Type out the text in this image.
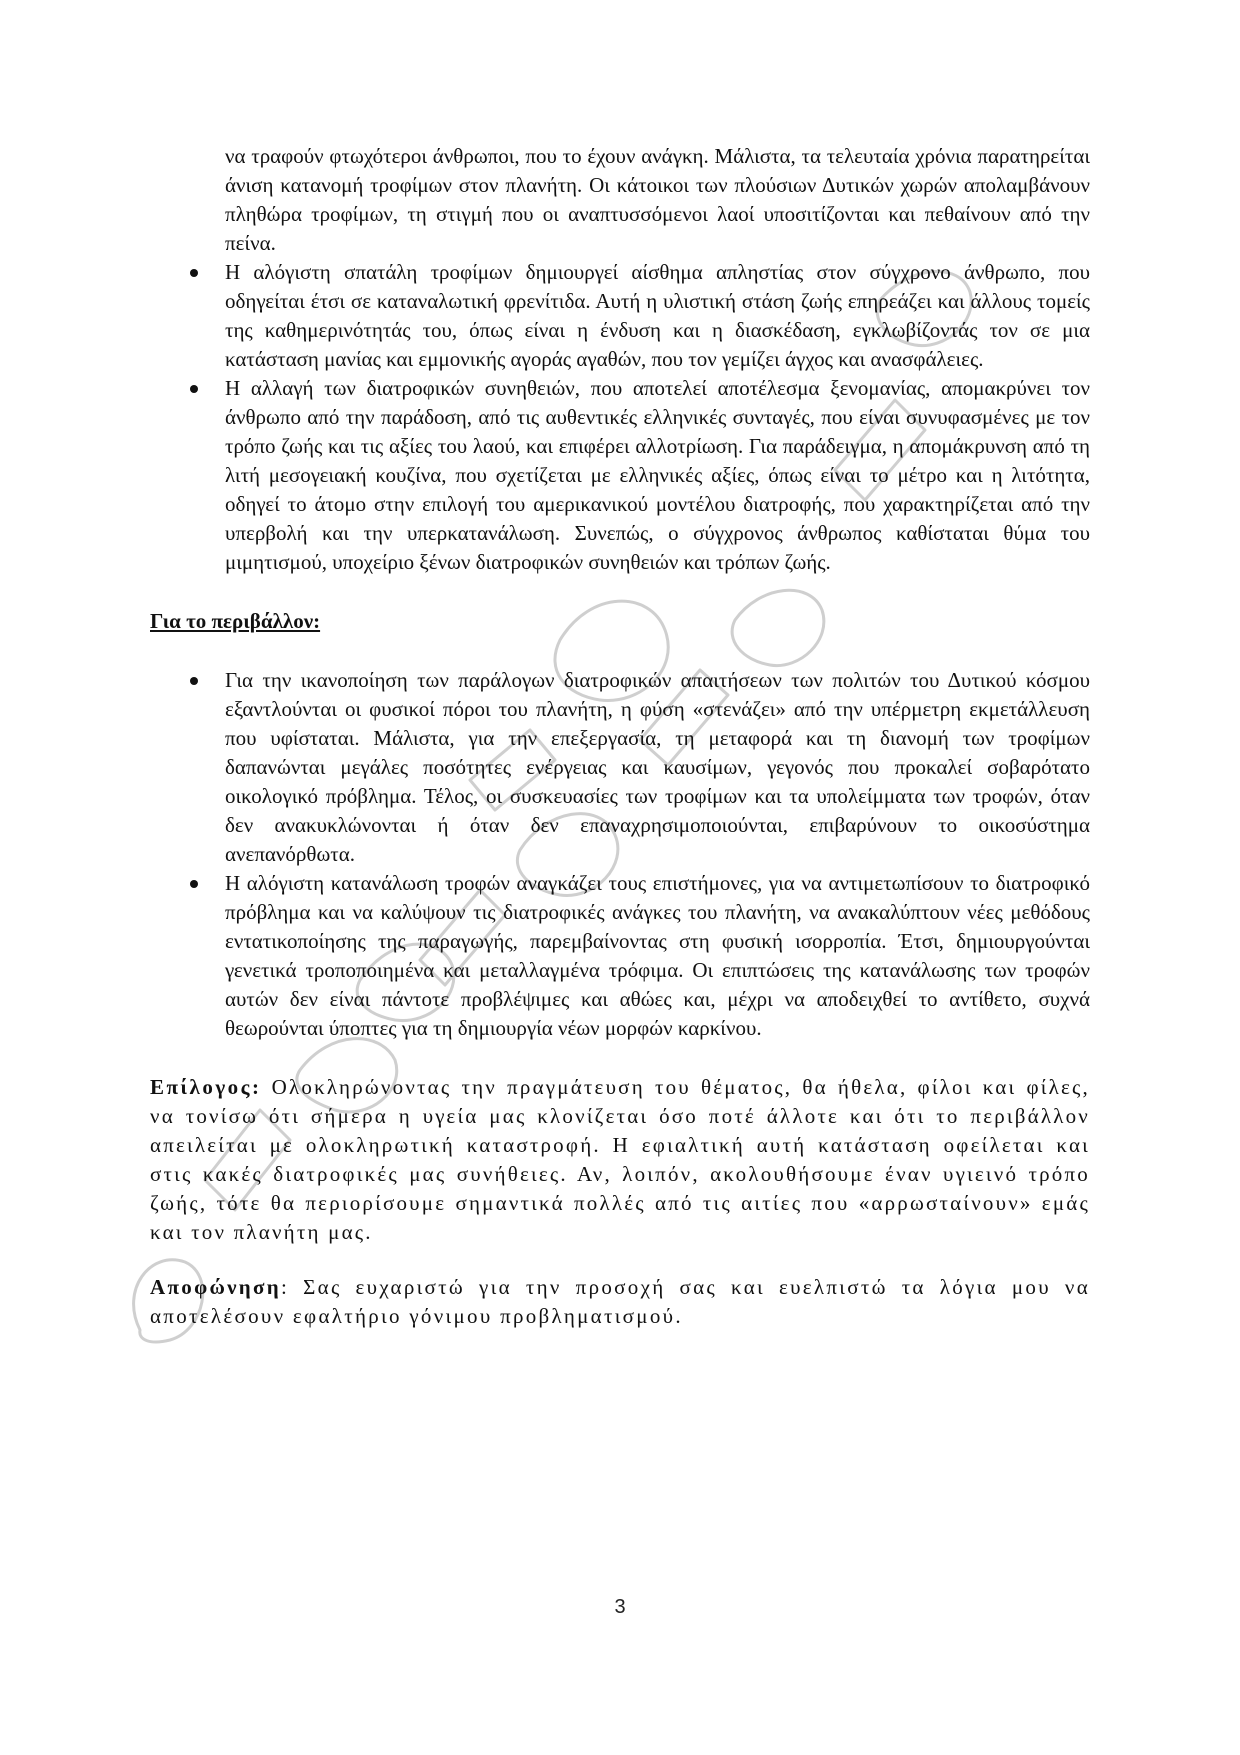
να τραφούν φτωχότεροι άνθρωποι, που το έχουν ανάγκη. Μάλιστα, τα τελευταία χρόνια παρατηρείται άνιση κατανομή τροφίμων στον πλανήτη. Οι κάτοικοι των πλούσιων Δυτικών χωρών απολαμβάνουν πληθώρα τροφίμων, τη στιγμή που οι αναπτυσσόμενοι λαοί υποσιτίζονται και πεθαίνουν από την πείνα.

Η αλόγιστη σπατάλη τροφίμων δημιουργεί αίσθημα απληστίας στον σύγχρονο άνθρωπο, που οδηγείται έτσι σε καταναλωτική φρενίτιδα. Αυτή η υλιστική στάση ζωής επηρεάζει και άλλους τομείς της καθημερινότητάς του, όπως είναι η ένδυση και η διασκέδαση, εγκλωβίζοντάς τον σε μια κατάσταση μανίας και εμμονικής αγοράς αγαθών, που τον γεμίζει άγχος και ανασφάλειες.
Η αλλαγή των διατροφικών συνηθειών, που αποτελεί αποτέλεσμα ξενομανίας, απομακρύνει τον άνθρωπο από την παράδοση, από τις αυθεντικές ελληνικές συνταγές, που είναι συνυφασμένες με τον τρόπο ζωής και τις αξίες του λαού, και επιφέρει αλλοτρίωση. Για παράδειγμα, η απομάκρυνση από τη λιτή μεσογειακή κουζίνα, που σχετίζεται με ελληνικές αξίες, όπως είναι το μέτρο και η λιτότητα, οδηγεί το άτομο στην επιλογή του αμερικανικού μοντέλου διατροφής, που χαρακτηρίζεται από την υπερβολή και την υπερκατανάλωση. Συνεπώς, ο σύγχρονος άνθρωπος καθίσταται θύμα του μιμητισμού, υποχείριο ξένων διατροφικών συνηθειών και τρόπων ζωής.

Για το περιβάλλον:

Για την ικανοποίηση των παράλογων διατροφικών απαιτήσεων των πολιτών του Δυτικού κόσμου εξαντλούνται οι φυσικοί πόροι του πλανήτη, η φύση «στενάζει» από την υπέρμετρη εκμετάλλευση που υφίσταται. Μάλιστα, για την επεξεργασία, τη μεταφορά και τη διανομή των τροφίμων δαπανώνται μεγάλες ποσότητες ενέργειας και καυσίμων, γεγονός που προκαλεί σοβαρότατο οικολογικό πρόβλημα. Τέλος, οι συσκευασίες των τροφίμων και τα υπολείμματα των τροφών, όταν δεν ανακυκλώνονται ή όταν δεν επαναχρησιμοποιούνται, επιβαρύνουν το οικοσύστημα ανεπανόρθωτα.
Η αλόγιστη κατανάλωση τροφών αναγκάζει τους επιστήμονες, για να αντιμετωπίσουν το διατροφικό πρόβλημα και να καλύψουν τις διατροφικές ανάγκες του πλανήτη, να ανακαλύπτουν νέες μεθόδους εντατικοποίησης της παραγωγής, παρεμβαίνοντας στη φυσική ισορροπία. Έτσι, δημιουργούνται γενετικά τροποποιημένα και μεταλλαγμένα τρόφιμα. Οι επιπτώσεις της κατανάλωσης των τροφών αυτών δεν είναι πάντοτε προβλέψιμες και αθώες και, μέχρι να αποδειχθεί το αντίθετο, συχνά θεωρούνται ύποπτες για τη δημιουργία νέων μορφών καρκίνου.

Επίλογος: Ολοκληρώνοντας την πραγμάτευση του θέματος, θα ήθελα, φίλοι και φίλες, να τονίσω ότι σήμερα η υγεία μας κλονίζεται όσο ποτέ άλλοτε και ότι το περιβάλλον απειλείται με ολοκληρωτική καταστροφή. Η εφιαλτική αυτή κατάσταση οφείλεται και στις κακές διατροφικές μας συνήθειες. Αν, λοιπόν, ακολουθήσουμε έναν υγιεινό τρόπο ζωής, τότε θα περιορίσουμε σημαντικά πολλές από τις αιτίες που «αρρωσταίνουν» εμάς και τον πλανήτη μας.

Αποφώνηση: Σας ευχαριστώ για την προσοχή σας και ευελπιστώ τα λόγια μου να αποτελέσουν εφαλτήριο γόνιμου προβληματισμού.

3
